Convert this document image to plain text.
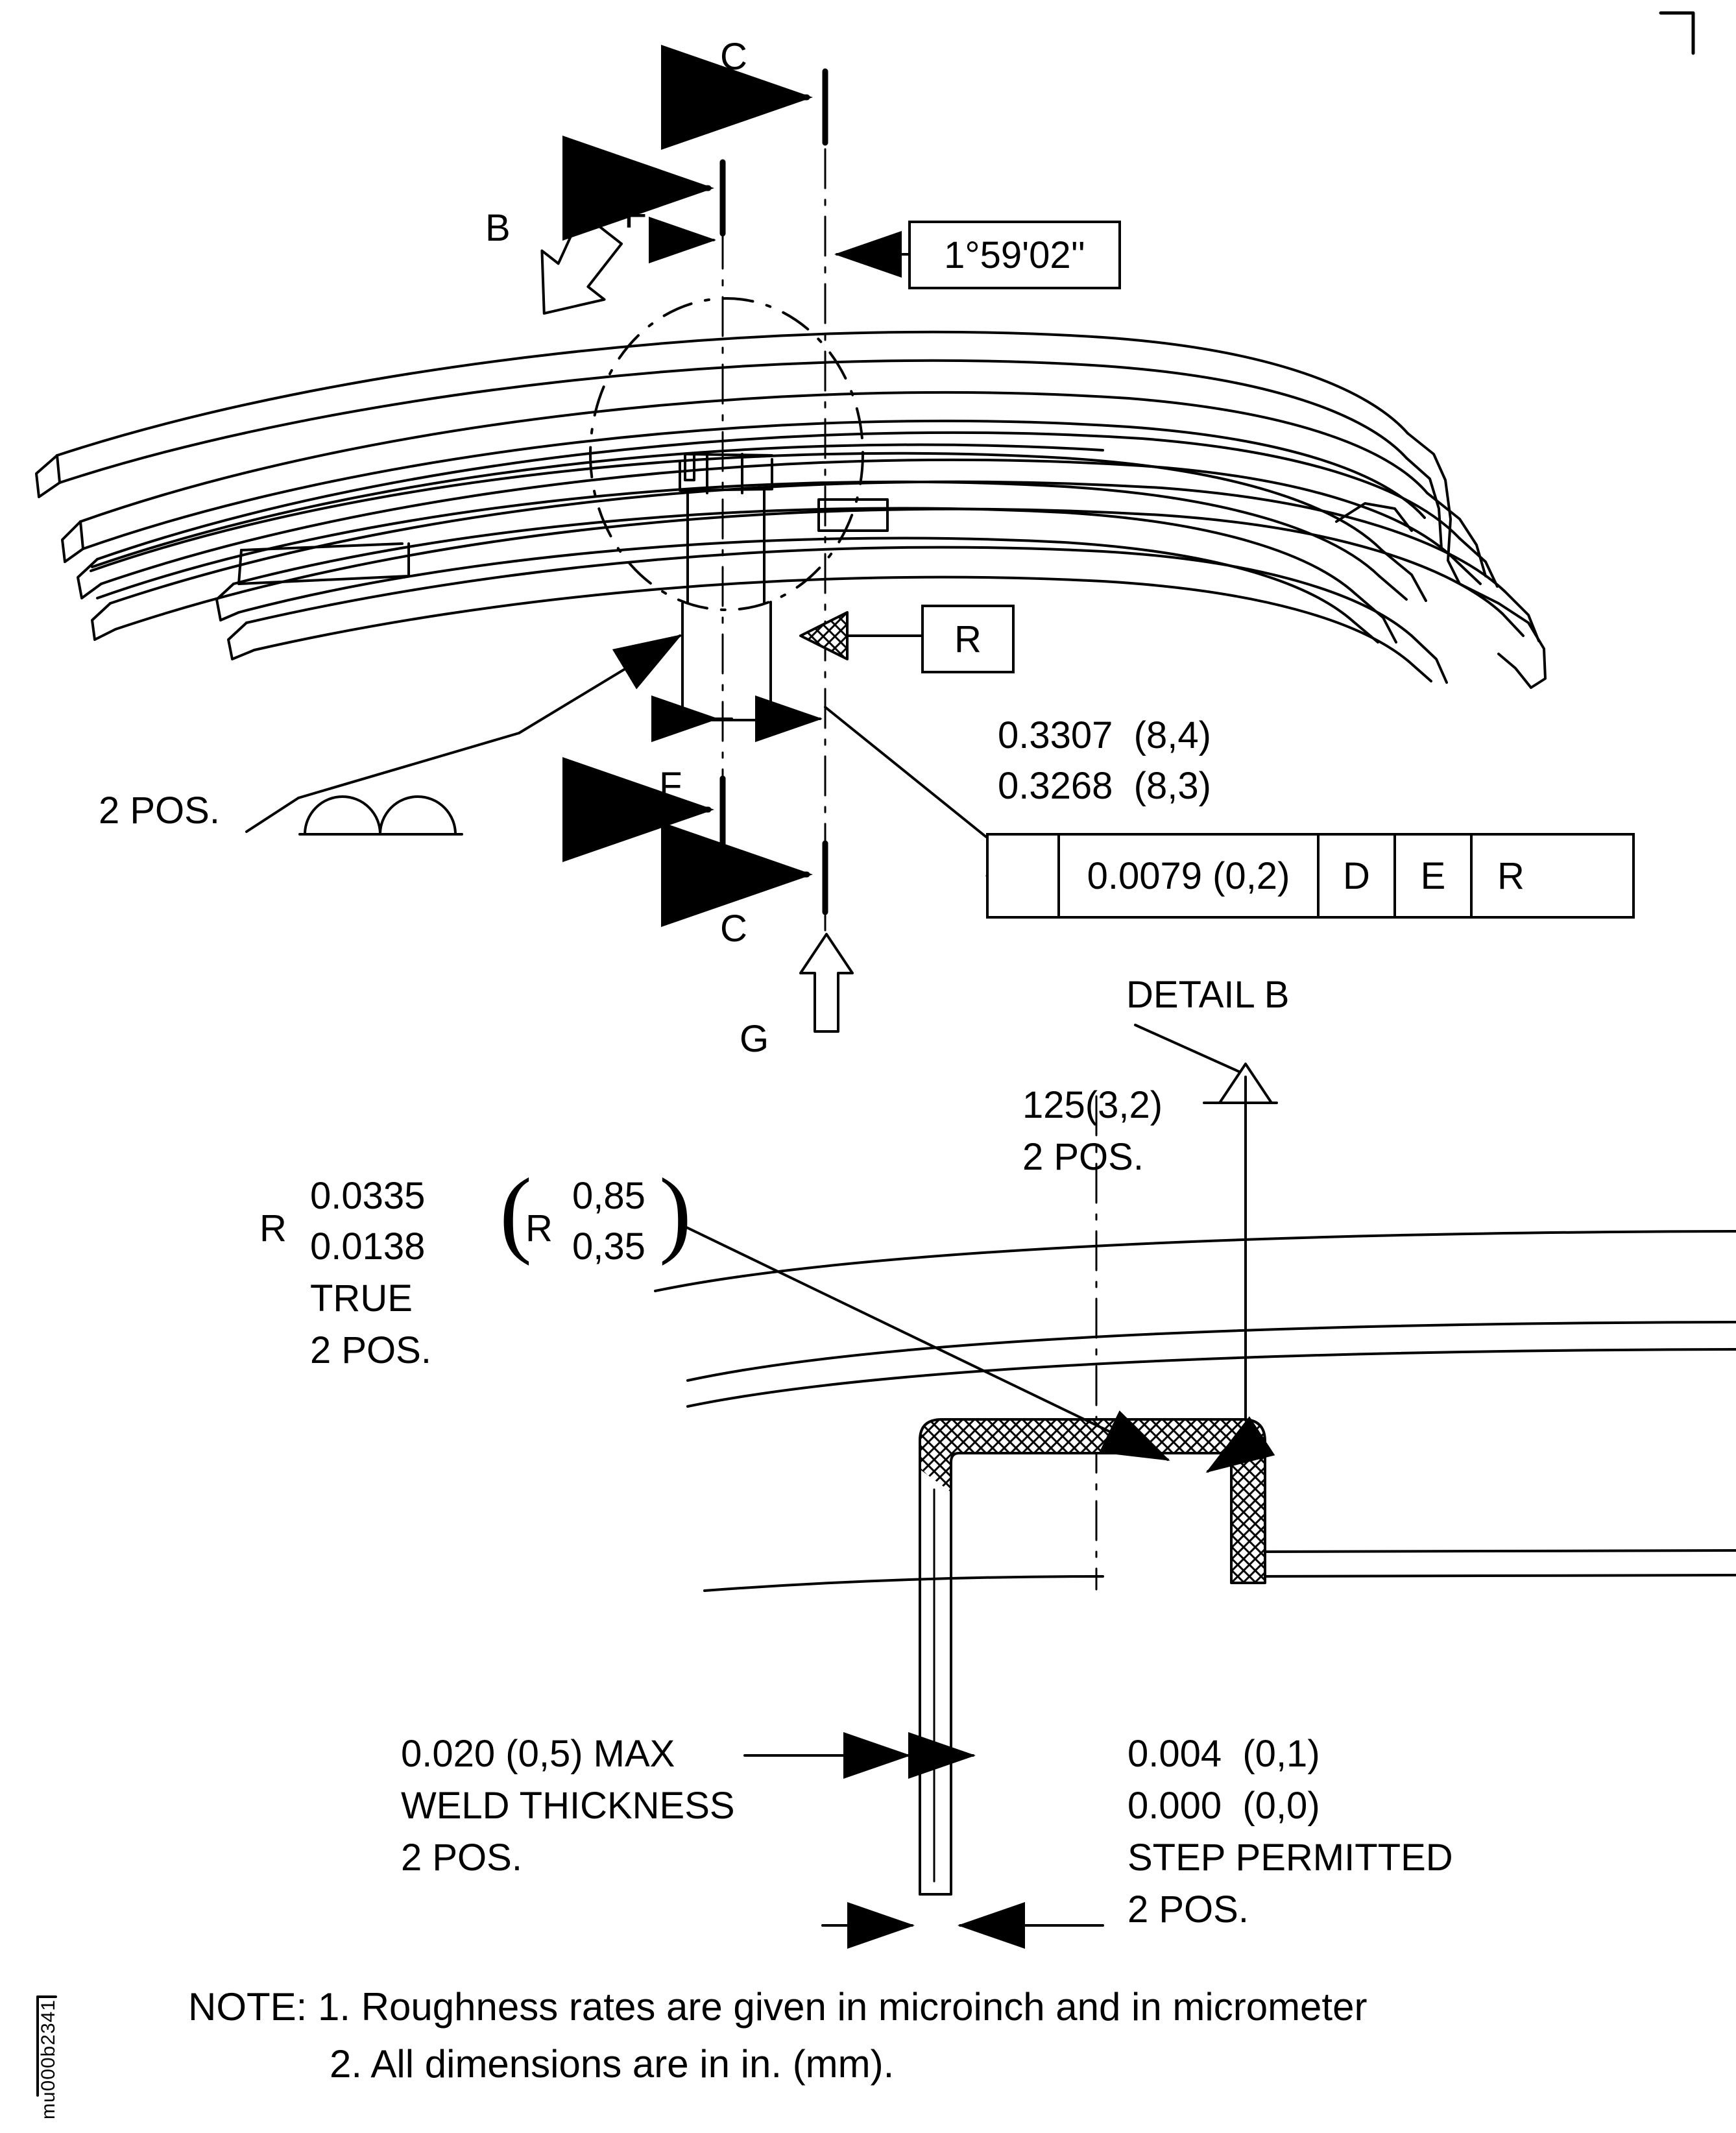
C
F
B
1°59'02''
R
0.3307  (8,4)
0.3268  (8,3)
0.0079 (0,2)	D	E	R
2 POS.
F
C
G
DETAIL B
125(3,2)
2 POS.
R
0.0335
0.0138
TRUE
2 POS.
( )
R
0,85
0,35
0.020 (0,5) MAX
WELD THICKNESS
2 POS.
0.004  (0,1)
0.000  (0,0)
STEP PERMITTED
2 POS.
NOTE: 1. Roughness rates are given in microinch and in micrometer
2. All dimensions are in in. (mm).
mu000b2341
